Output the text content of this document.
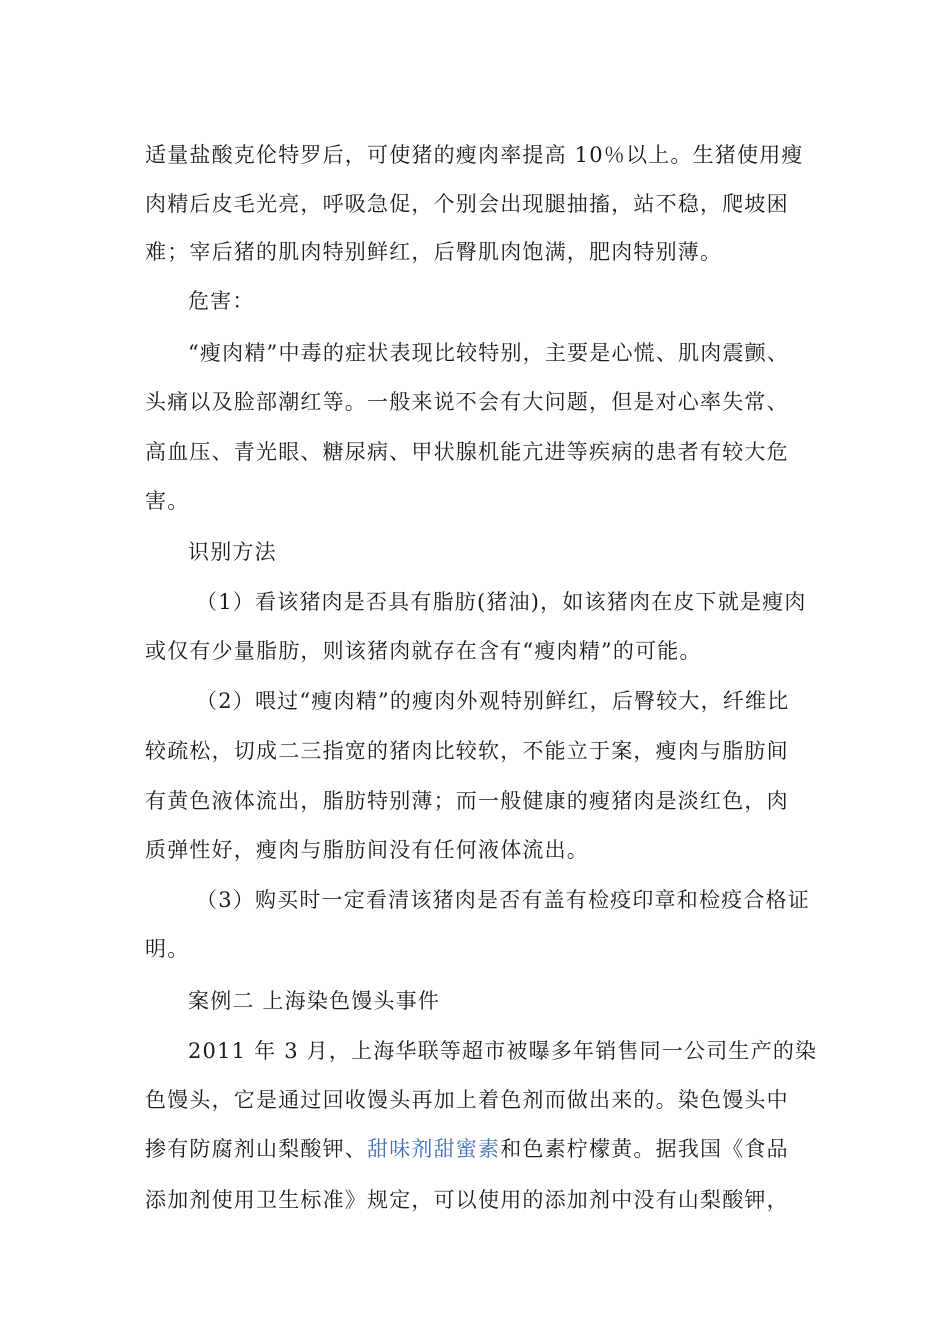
适量盐酸克伦特罗后，可使猪的瘦肉率提高 10％以上。生猪使用瘦
肉精后皮毛光亮，呼吸急促，个别会出现腿抽搐，站不稳，爬坡困
难；宰后猪的肌肉特别鲜红，后臀肌肉饱满，肥肉特别薄。
危害：
“瘦肉精”中毒的症状表现比较特别，主要是心慌、肌肉震颤、
头痛以及脸部潮红等。一般来说不会有大问题，但是对心率失常、
高血压、青光眼、糖尿病、甲状腺机能亢进等疾病的患者有较大危
害。
识别方法
（1）看该猪肉是否具有脂肪(猪油)，如该猪肉在皮下就是瘦肉
或仅有少量脂肪，则该猪肉就存在含有“瘦肉精”的可能。
（2）喂过“瘦肉精”的瘦肉外观特别鲜红，后臀较大，纤维比
较疏松，切成二三指宽的猪肉比较软，不能立于案，瘦肉与脂肪间
有黄色液体流出，脂肪特别薄；而一般健康的瘦猪肉是淡红色，肉
质弹性好，瘦肉与脂肪间没有任何液体流出。
（3）购买时一定看清该猪肉是否有盖有检疫印章和检疫合格证
明。
案例二 上海染色馒头事件
2011 年 3 月，上海华联等超市被曝多年销售同一公司生产的染
色馒头，它是通过回收馒头再加上着色剂而做出来的。染色馒头中
掺有防腐剂山梨酸钾、甜味剂甜蜜素和色素柠檬黄。据我国《食品
添加剂使用卫生标准》规定，可以使用的添加剂中没有山梨酸钾，
